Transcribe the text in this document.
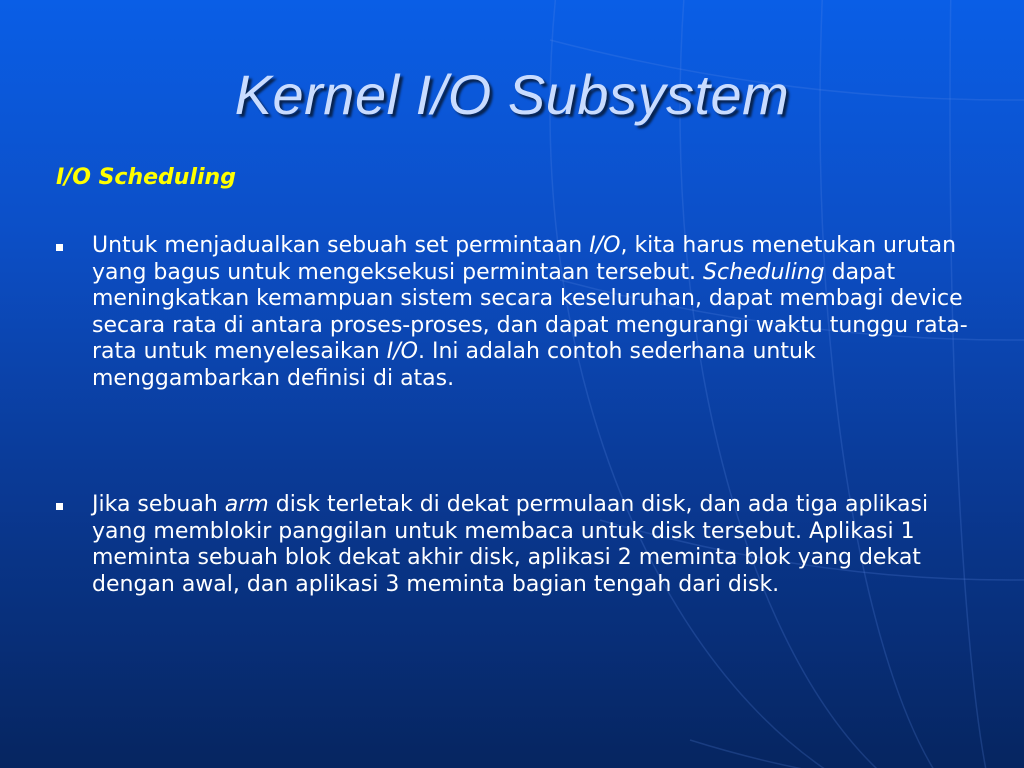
Kernel I/O Subsystem
I/O Scheduling
Untuk menjadualkan sebuah set permintaan I/O, kita harus menetukan urutan yang bagus untuk mengeksekusi permintaan tersebut. Scheduling dapat meningkatkan kemampuan sistem secara keseluruhan, dapat membagi device secara rata di antara proses-proses, dan dapat mengurangi waktu tunggu rata-rata untuk menyelesaikan I/O. Ini adalah contoh sederhana untuk menggambarkan definisi di atas.
Jika sebuah arm disk terletak di dekat permulaan disk, dan ada tiga aplikasi yang memblokir panggilan untuk membaca untuk disk tersebut. Aplikasi 1 meminta sebuah blok dekat akhir disk, aplikasi 2 meminta blok yang dekat dengan awal, dan aplikasi 3 meminta bagian tengah dari disk.
